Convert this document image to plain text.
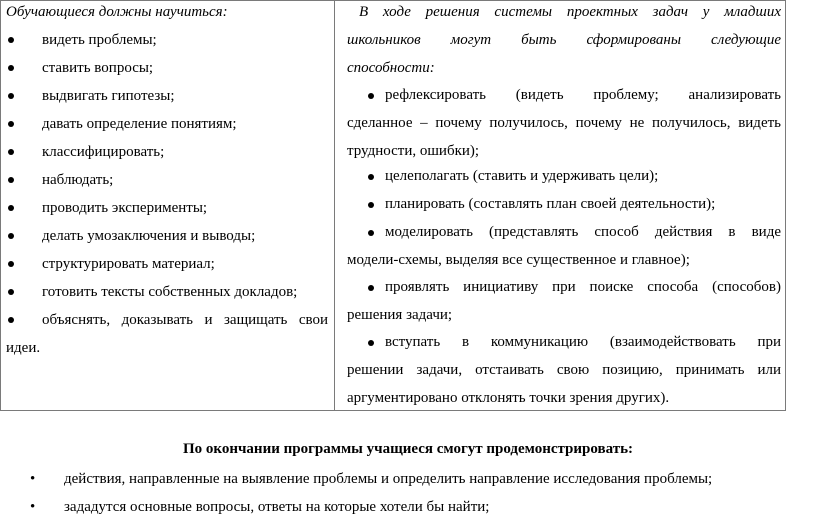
Обучающиеся должны научиться:
видеть проблемы;
ставить вопросы;
выдвигать гипотезы;
давать определение понятиям;
классифицировать;
наблюдать;
проводить эксперименты;
делать умозаключения и выводы;
структурировать материал;
готовить тексты собственных докладов;
объяснять, доказывать и защищать свои
идеи.
В ходе решения системы проектных задач у младших
школьников могут быть сформированы следующие
способности:
рефлексировать (видеть проблему; анализировать
сделанное – почему получилось, почему не получилось, видеть
трудности, ошибки);
целеполагать (ставить и удерживать цели);
планировать (составлять план своей деятельности);
моделировать (представлять способ действия в виде
модели-схемы, выделяя все существенное и главное);
проявлять инициативу при поиске способа (способов)
решения задачи;
вступать в коммуникацию (взаимодействовать при
решении задачи, отстаивать свою позицию, принимать или
аргументировано отклонять точки зрения других).
По окончании программы учащиеся смогут продемонстрировать:
• действия, направленные на выявление проблемы и определить направление исследования проблемы;
• зададутся основные вопросы, ответы на которые хотели бы найти;
